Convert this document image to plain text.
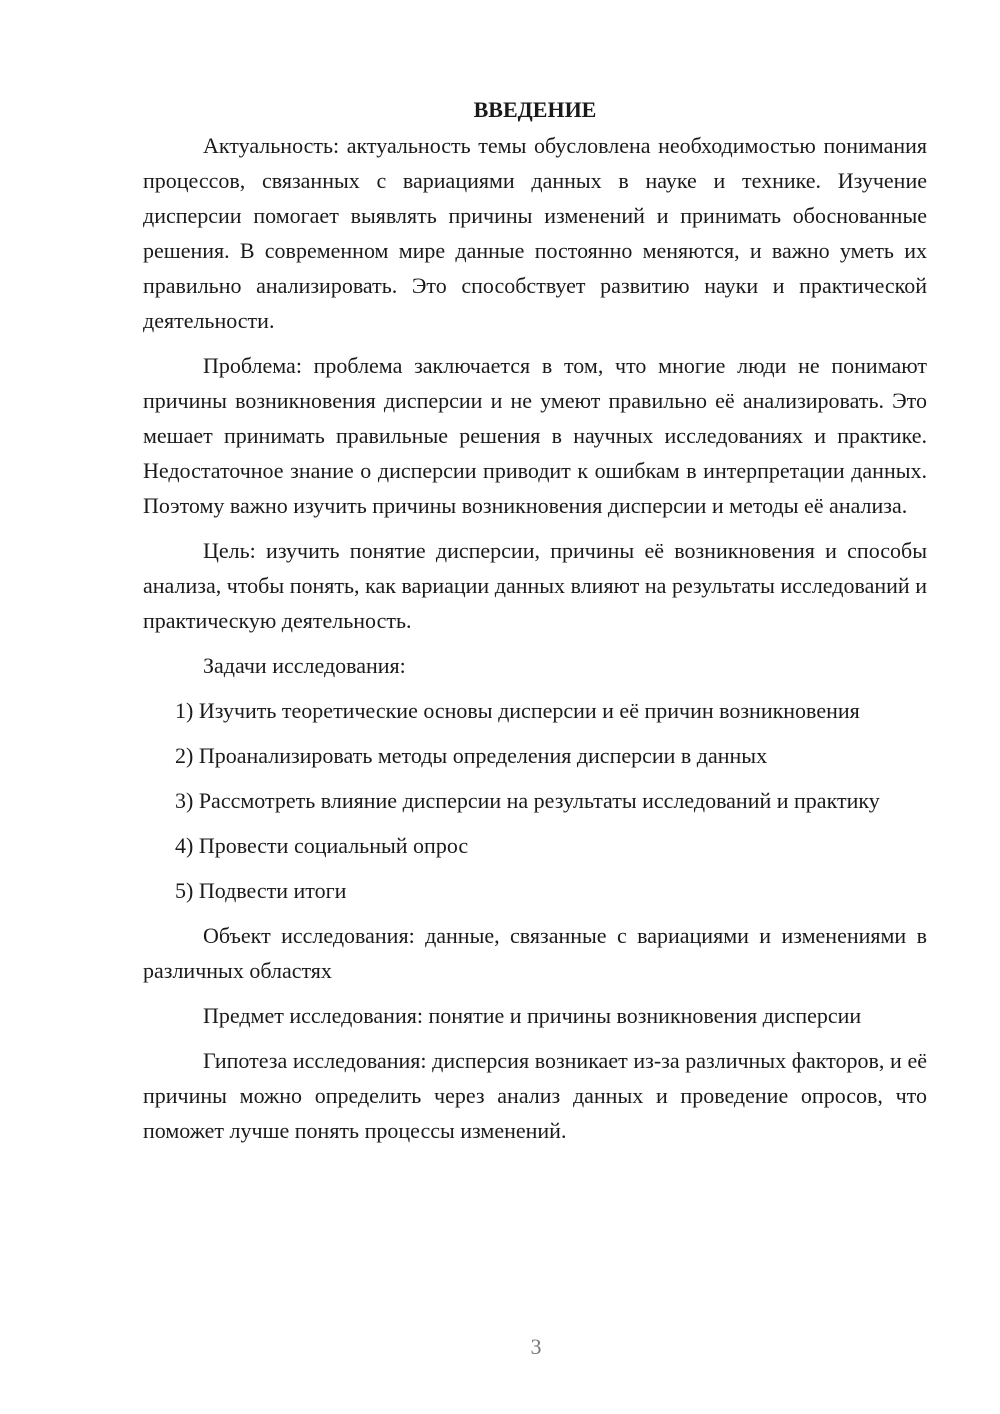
ВВЕДЕНИЕ

Актуальность: актуальность темы обусловлена необходимостью понимания процессов, связанных с вариациями данных в науке и технике. Изучение дисперсии помогает выявлять причины изменений и принимать обоснованные решения. В современном мире данные постоянно меняются, и важно уметь их правильно анализировать. Это способствует развитию науки и практической деятельности.

Проблема: проблема заключается в том, что многие люди не понимают причины возникновения дисперсии и не умеют правильно её анализировать. Это мешает принимать правильные решения в научных исследованиях и практике. Недостаточное знание о дисперсии приводит к ошибкам в интерпретации данных. Поэтому важно изучить причины возникновения дисперсии и методы её анализа.

Цель: изучить понятие дисперсии, причины её возникновения и способы анализа, чтобы понять, как вариации данных влияют на результаты исследований и практическую деятельность.

Задачи исследования:

1) Изучить теоретические основы дисперсии и её причин возникновения

2) Проанализировать методы определения дисперсии в данных

3) Рассмотреть влияние дисперсии на результаты исследований и практику

4) Провести социальный опрос

5) Подвести итоги

Объект исследования: данные, связанные с вариациями и изменениями в различных областях

Предмет исследования: понятие и причины возникновения дисперсии

Гипотеза исследования: дисперсия возникает из-за различных факторов, и её причины можно определить через анализ данных и проведение опросов, что поможет лучше понять процессы изменений.

3
